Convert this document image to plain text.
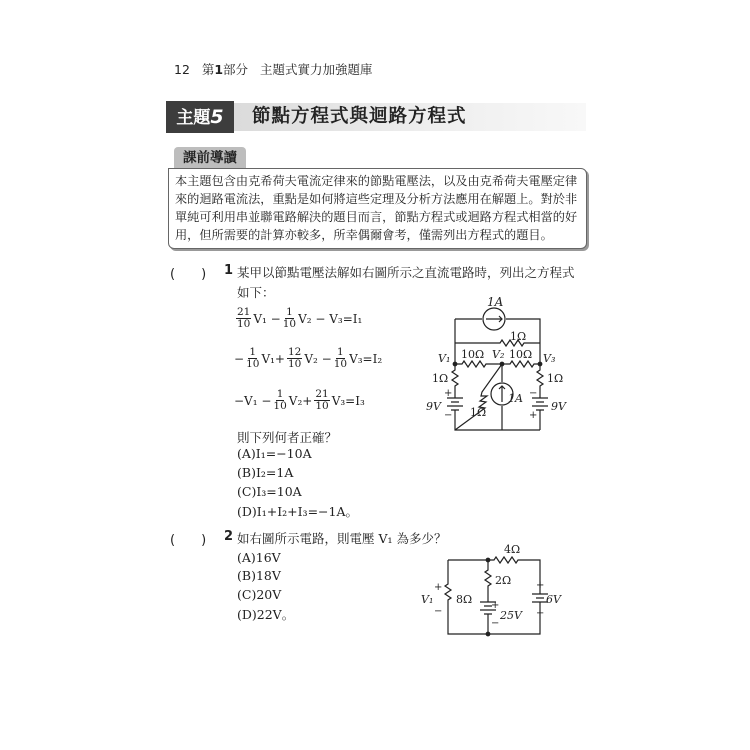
12 第1部分 主題式實力加強題庫
主題5	節點方程式與迴路方程式
課前導讀
本主題包含由克希荷夫電流定律來的節點電壓法，以及由克希荷夫電壓定律
來的迴路電流法，重點是如何將這些定理及分析方法應用在解題上。對於非
單純可利用串並聯電路解決的題目而言，節點方程式或迴路方程式相當的好
用，但所需要的計算亦較多，所幸偶爾會考，僅需列出方程式的題目。
(　　) 1 某甲以節點電壓法解如右圖所示之直流電路時，列出之方程式
如下：
$\frac{21}{10} V_1 - \frac{1}{10} V_2 - V_3=I_1$
− $\frac{1}{10} V_1+ \frac{12}{10} V_2 - \frac{1}{10} V_3=I_2$
$-V_1 - \frac{1}{10} V_2+ \frac{21}{10} V_3=I_3$
則下列何者正確？
(A)I₁=−10A
(B)I₂=1A
(C)I₃=10A
(D)I₁+I₂+I₃=−1A。
1A
1Ω
10Ω 10Ω
V₁	V₂	V₃
1Ω	1Ω
1Ω
1A
9V	9V
+
−
−
+
(　　) 2 如右圖所示電路，則電壓 V₁ 為多少？
(A)16V
(B)18V
(C)20V
(D)22V。
4Ω
2Ω
8Ω
V₁
+
−	25V
+
−
6V
+
−
